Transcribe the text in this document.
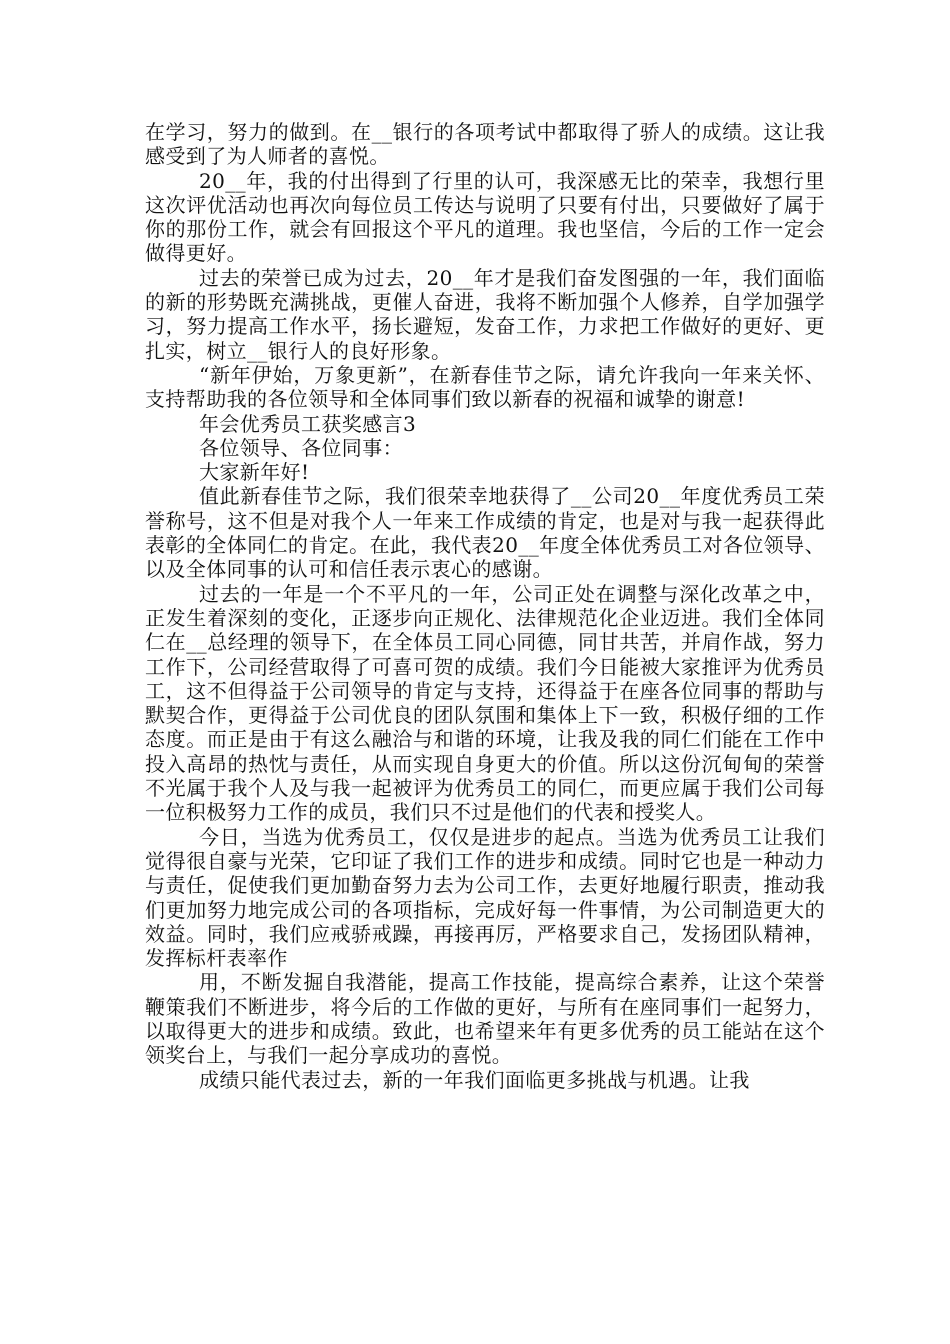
在学习，努力的做到。在__银行的各项考试中都取得了骄人的成绩。这让我感受到了为人师者的喜悦。

20__年，我的付出得到了行里的认可，我深感无比的荣幸，我想行里这次评优活动也再次向每位员工传达与说明了只要有付出，只要做好了属于你的那份工作，就会有回报这个平凡的道理。我也坚信，今后的工作一定会做得更好。

过去的荣誉已成为过去，20__年才是我们奋发图强的一年，我们面临的新的形势既充满挑战，更催人奋进，我将不断加强个人修养，自学加强学习，努力提高工作水平，扬长避短，发奋工作，力求把工作做好的更好、更扎实，树立__银行人的良好形象。

“新年伊始，万象更新”，在新春佳节之际，请允许我向一年来关怀、支持帮助我的各位领导和全体同事们致以新春的祝福和诚挚的谢意!

年会优秀员工获奖感言3

各位领导、各位同事：

大家新年好!

值此新春佳节之际，我们很荣幸地获得了__公司20__年度优秀员工荣誉称号，这不但是对我个人一年来工作成绩的肯定，也是对与我一起获得此表彰的全体同仁的肯定。在此，我代表20__年度全体优秀员工对各位领导、以及全体同事的认可和信任表示衷心的感谢。

过去的一年是一个不平凡的一年，公司正处在调整与深化改革之中，正发生着深刻的变化，正逐步向正规化、法律规范化企业迈进。我们全体同仁在__总经理的领导下，在全体员工同心同德，同甘共苦，并肩作战，努力工作下，公司经营取得了可喜可贺的成绩。我们今日能被大家推评为优秀员工，这不但得益于公司领导的肯定与支持，还得益于在座各位同事的帮助与默契合作，更得益于公司优良的团队氛围和集体上下一致，积极仔细的工作态度。而正是由于有这么融洽与和谐的环境，让我及我的同仁们能在工作中投入高昂的热忱与责任，从而实现自身更大的价值。所以这份沉甸甸的荣誉不光属于我个人及与我一起被评为优秀员工的同仁，而更应属于我们公司每一位积极努力工作的成员，我们只不过是他们的代表和授奖人。

今日，当选为优秀员工，仅仅是进步的起点。当选为优秀员工让我们觉得很自豪与光荣，它印证了我们工作的进步和成绩。同时它也是一种动力与责任，促使我们更加勤奋努力去为公司工作，去更好地履行职责，推动我们更加努力地完成公司的各项指标，完成好每一件事情，为公司制造更大的效益。同时，我们应戒骄戒躁，再接再厉，严格要求自己，发扬团队精神，发挥标杆表率作

用，不断发掘自我潜能，提高工作技能，提高综合素养，让这个荣誉鞭策我们不断进步，将今后的工作做的更好，与所有在座同事们一起努力，以取得更大的进步和成绩。致此，也希望来年有更多优秀的员工能站在这个领奖台上，与我们一起分享成功的喜悦。

成绩只能代表过去，新的一年我们面临更多挑战与机遇。让我
